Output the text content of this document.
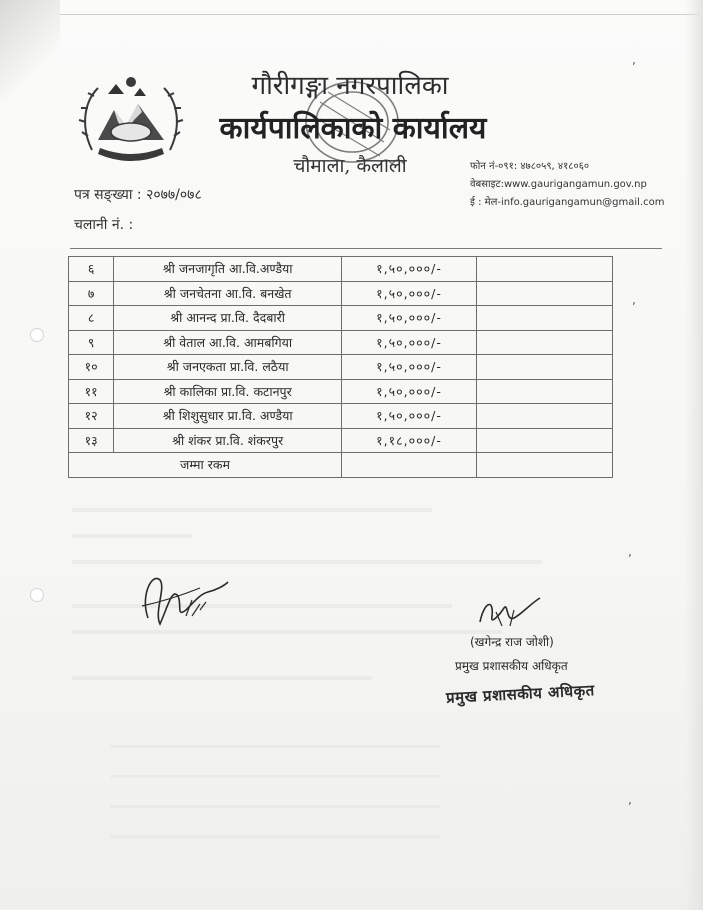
गौरीगङ्गा नगरपालिका
कार्यपालिकाको कार्यालय
चौमाला, कैलाली	फोन नं-०९१: ४७८०५९, ४१८०६०
वेबसाइट:www.gaurigangamun.gov.np
ई : मेल-info.gaurigangamun@gmail.com
पत्र सङ्ख्या : २०७७/०७८
चलानी नं. :
६	श्री जनजागृति आ.वि.अण्डैया	१,५०,०००/-	
७	श्री जनचेतना आ.वि. बनखेत	१,५०,०००/-	
८	श्री आनन्द प्रा.वि. दैदबारी	१,५०,०००/-	
९	श्री वेताल आ.वि. आमबगिया	१,५०,०००/-	
१०	श्री जनएकता प्रा.वि. लठैया	१,५०,०००/-	
११	श्री कालिका प्रा.वि. कटानपुर	१,५०,०००/-	
१२	श्री शिशुसुधार प्रा.वि. अण्डैया	१,५०,०००/-	
१३	श्री शंकर प्रा.वि. शंकरपुर	१,१८,०००/-	
जम्मा रकम			
(खगेन्द्र राज जोशी)
प्रमुख प्रशासकीय अधिकृत
प्रमुख प्रशासकीय अधिकृत
ʼ
ʼ
ʼ
ʼ
